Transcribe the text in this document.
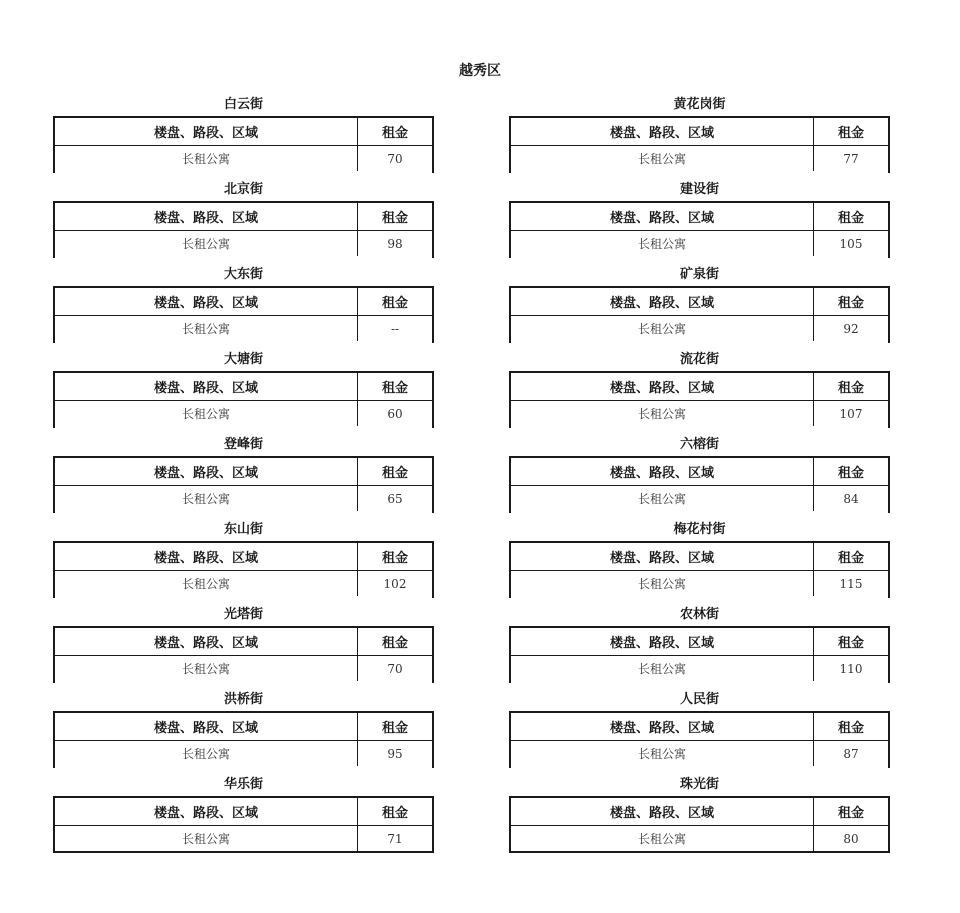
越秀区
白云街
楼盘、路段、区域	租金
长租公寓	70
北京街
楼盘、路段、区域	租金
长租公寓	98
大东街
楼盘、路段、区域	租金
长租公寓	--
大塘街
楼盘、路段、区域	租金
长租公寓	60
登峰街
楼盘、路段、区域	租金
长租公寓	65
东山街
楼盘、路段、区域	租金
长租公寓	102
光塔街
楼盘、路段、区域	租金
长租公寓	70
洪桥街
楼盘、路段、区域	租金
长租公寓	95
华乐街
楼盘、路段、区域	租金
长租公寓	71
黄花岗街
楼盘、路段、区域	租金
长租公寓	77
建设街
楼盘、路段、区域	租金
长租公寓	105
矿泉街
楼盘、路段、区域	租金
长租公寓	92
流花街
楼盘、路段、区域	租金
长租公寓	107
六榕街
楼盘、路段、区域	租金
长租公寓	84
梅花村街
楼盘、路段、区域	租金
长租公寓	115
农林街
楼盘、路段、区域	租金
长租公寓	110
人民街
楼盘、路段、区域	租金
长租公寓	87
珠光街
楼盘、路段、区域	租金
长租公寓	80
